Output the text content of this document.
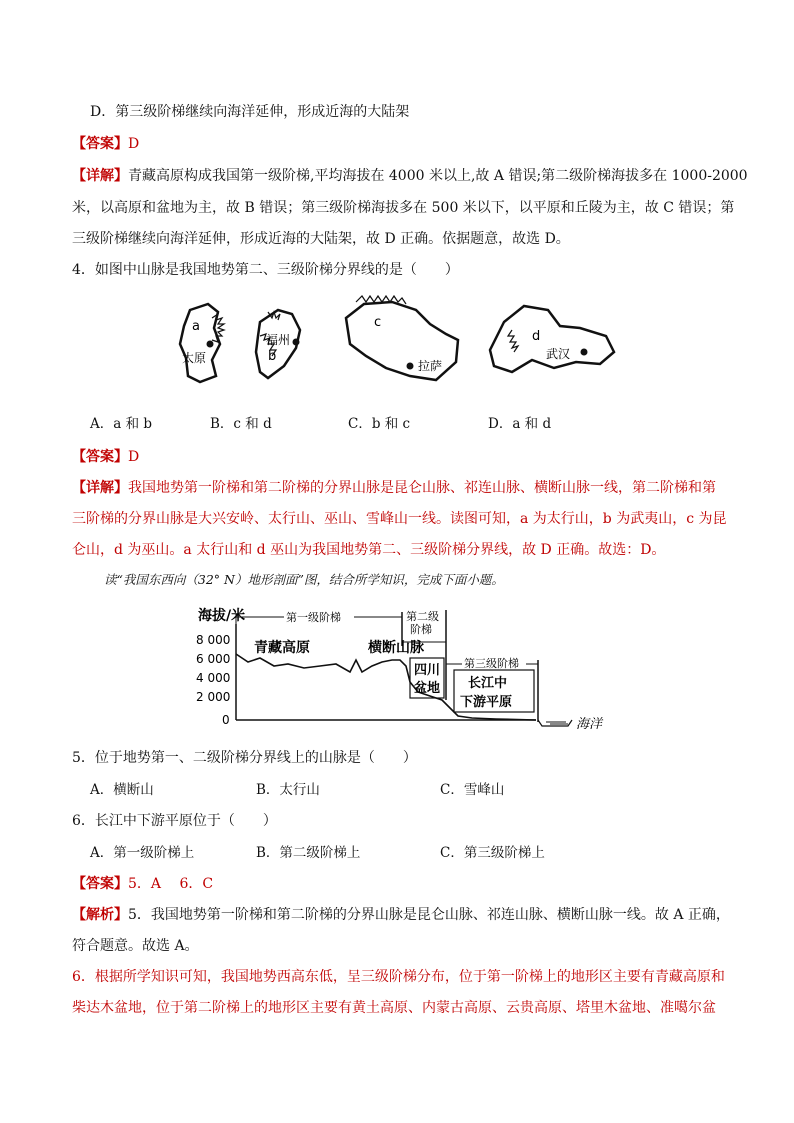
D．第三级阶梯继续向海洋延伸，形成近海的大陆架
【答案】D
【详解】青藏高原构成我国第一级阶梯,平均海拔在 4000 米以上,故 A 错误;第二级阶梯海拔多在 1000-2000
米，以高原和盆地为主，故 B 错误；第三级阶梯海拔多在 500 米以下，以平原和丘陵为主，故 C 错误；第
三级阶梯继续向海洋延伸，形成近海的大陆架，故 D 正确。依据题意，故选 D。
4．如图中山脉是我国地势第二、三级阶梯分界线的是（　　）
a
太原
福州
b
c
拉萨
d
武汉
A．a 和 b	B．c 和 d	C．b 和 c	D．a 和 d
【答案】D
【详解】我国地势第一阶梯和第二阶梯的分界山脉是昆仑山脉、祁连山脉、横断山脉一线，第二阶梯和第
三阶梯的分界山脉是大兴安岭、太行山、巫山、雪峰山一线。读图可知，a 为太行山，b 为武夷山，c 为昆
仑山，d 为巫山。a 太行山和 d 巫山为我国地势第二、三级阶梯分界线，故 D 正确。故选：D。
读“我国东西向（32° N）地形剖面”图，结合所学知识，完成下面小题。
海拔/米
8 000
6 000
4 000
2 000
0
第一级阶梯	第二级
阶梯
第三级阶梯
海洋
青藏高原	横断山脉
四川
盆地 长江中
下游平原
5．位于地势第一、二级阶梯分界线上的山脉是（　　）
A．横断山	B．太行山	C．雪峰山
6．长江中下游平原位于（　　）
A．第一级阶梯上	B．第二级阶梯上	C．第三级阶梯上
【答案】5．A　 6．C
【解析】5．我国地势第一阶梯和第二阶梯的分界山脉是昆仑山脉、祁连山脉、横断山脉一线。故 A 正确，
符合题意。故选 A。
6．根据所学知识可知，我国地势西高东低，呈三级阶梯分布，位于第一阶梯上的地形区主要有青藏高原和
柴达木盆地，位于第二阶梯上的地形区主要有黄土高原、内蒙古高原、云贵高原、塔里木盆地、准噶尔盆
